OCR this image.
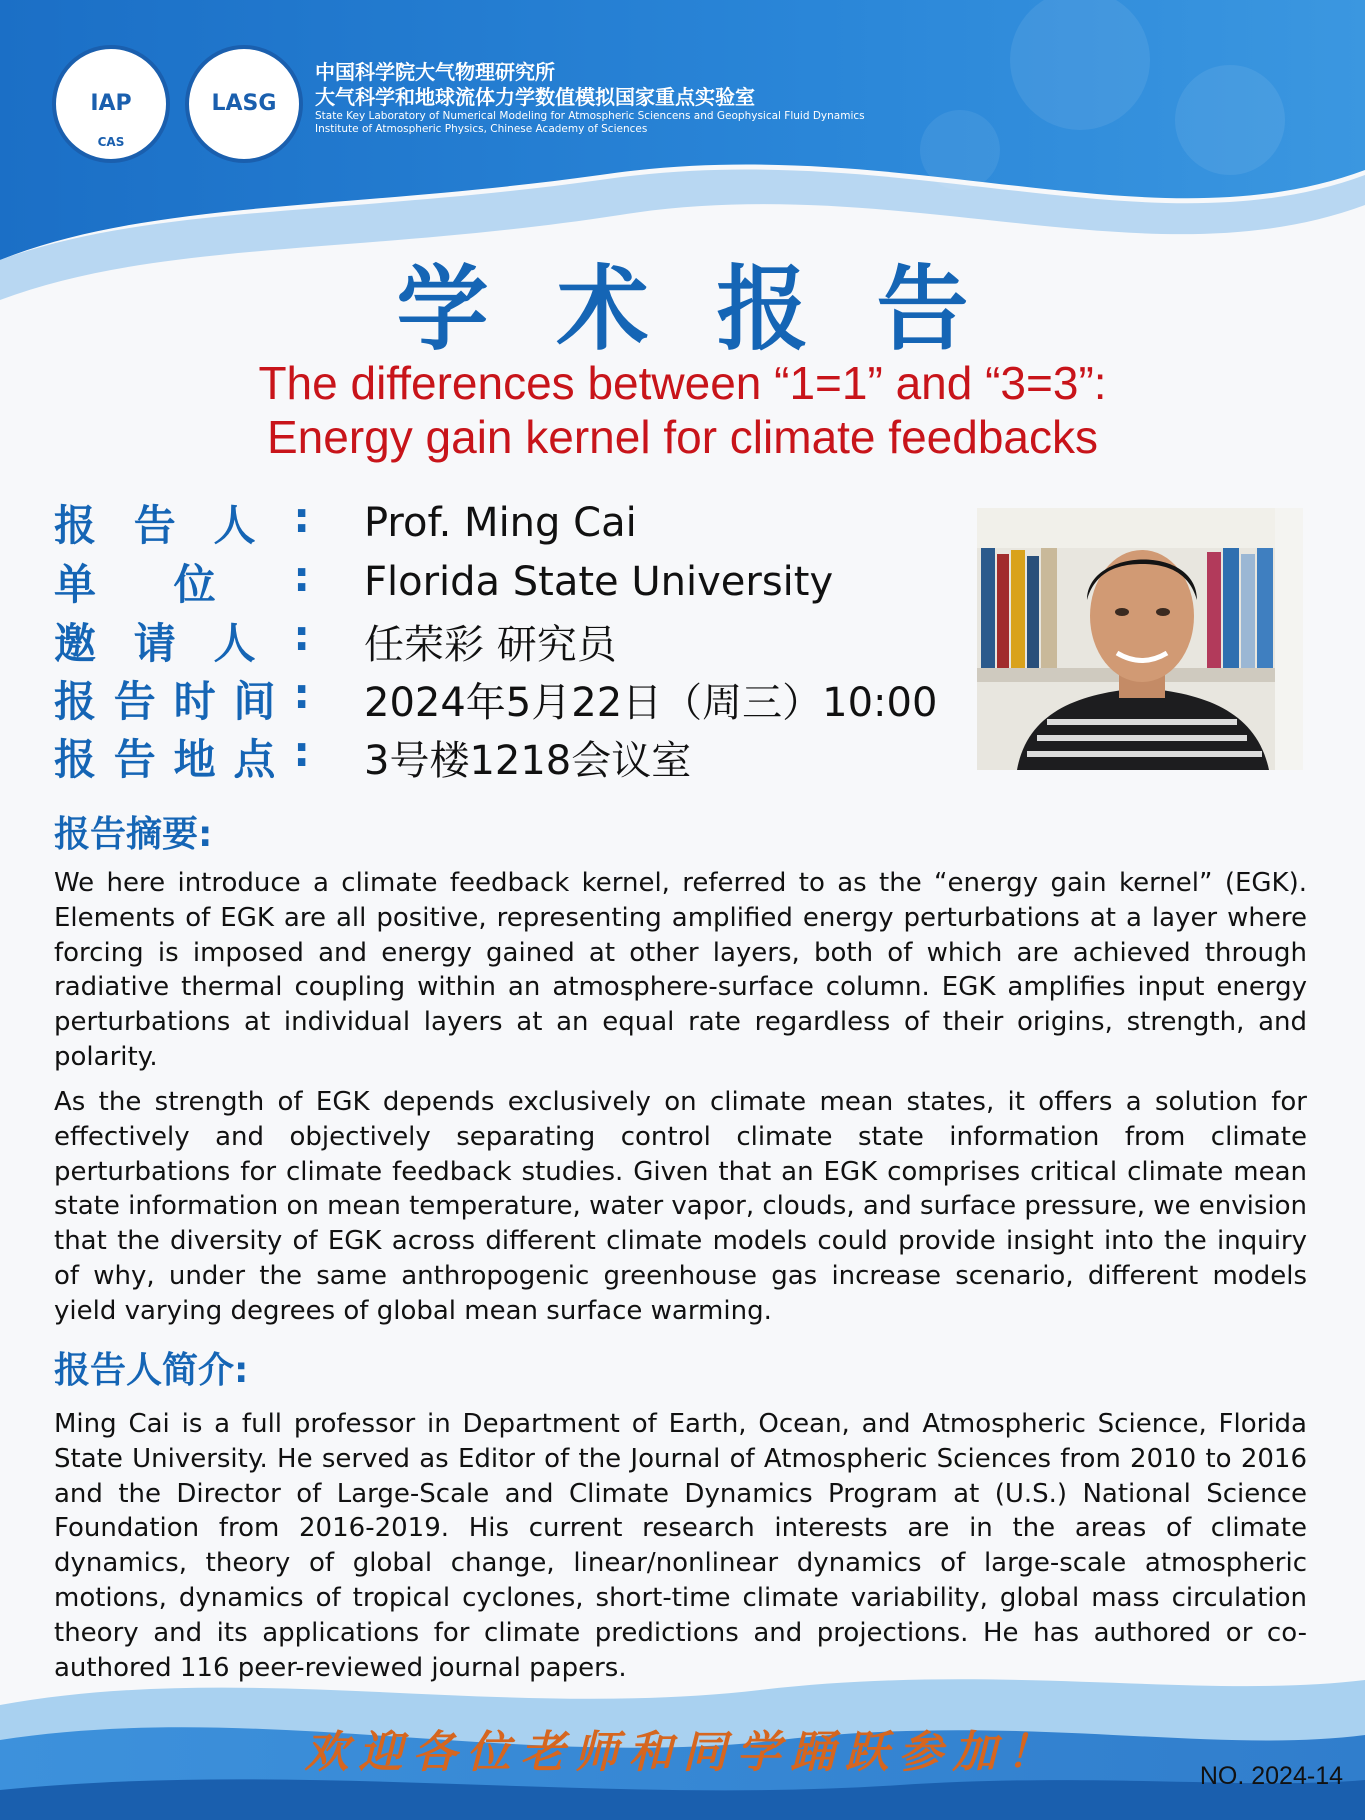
IAP
CAS
LASG
中国科学院大气物理研究所
大气科学和地球流体力学数值模拟国家重点实验室
State Key Laboratory of Numerical Modeling for Atmospheric Sciencens and Geophysical Fluid Dynamics
Institute of Atmospheric Physics, Chinese Academy of Sciences
学术报告
The differences between “1=1” and “3=3”:
Energy gain kernel for climate feedbacks
报 告 人 : Prof. Ming Cai
单 位 : Florida State University
邀 请 人 : 任荣彩 研究员
报 告 时 间 : 2024年5月22日（周三）10:00
报 告 地 点 : 3号楼1218会议室
报告摘要:

We here introduce a climate feedback kernel, referred to as the “energy gain kernel” (EGK). Elements of EGK are all positive, representing amplified energy perturbations at a layer where forcing is imposed and energy gained at other layers, both of which are achieved through radiative thermal coupling within an atmosphere-surface column. EGK amplifies input energy perturbations at individual layers at an equal rate regardless of their origins, strength, and polarity.

As the strength of EGK depends exclusively on climate mean states, it offers a solution for effectively and objectively separating control climate state information from climate perturbations for climate feedback studies. Given that an EGK comprises critical climate mean state information on mean temperature, water vapor, clouds, and surface pressure, we envision that the diversity of EGK across different climate models could provide insight into the inquiry of why, under the same anthropogenic greenhouse gas increase scenario, different models yield varying degrees of global mean surface warming.

报告人简介:

Ming Cai is a full professor in Department of Earth, Ocean, and Atmospheric Science, Florida State University. He served as Editor of the Journal of Atmospheric Sciences from 2010 to 2016 and the Director of Large-Scale and Climate Dynamics Program at (U.S.) National Science Foundation from 2016-2019. His current research interests are in the areas of climate dynamics, theory of global change, linear/nonlinear dynamics of large-scale atmospheric motions, dynamics of tropical cyclones, short-time climate variability, global mass circulation theory and its applications for climate predictions and projections. He has authored or co-authored 116 peer-reviewed journal papers.

欢迎各位老师和同学踊跃参加！	NO. 2024-14
